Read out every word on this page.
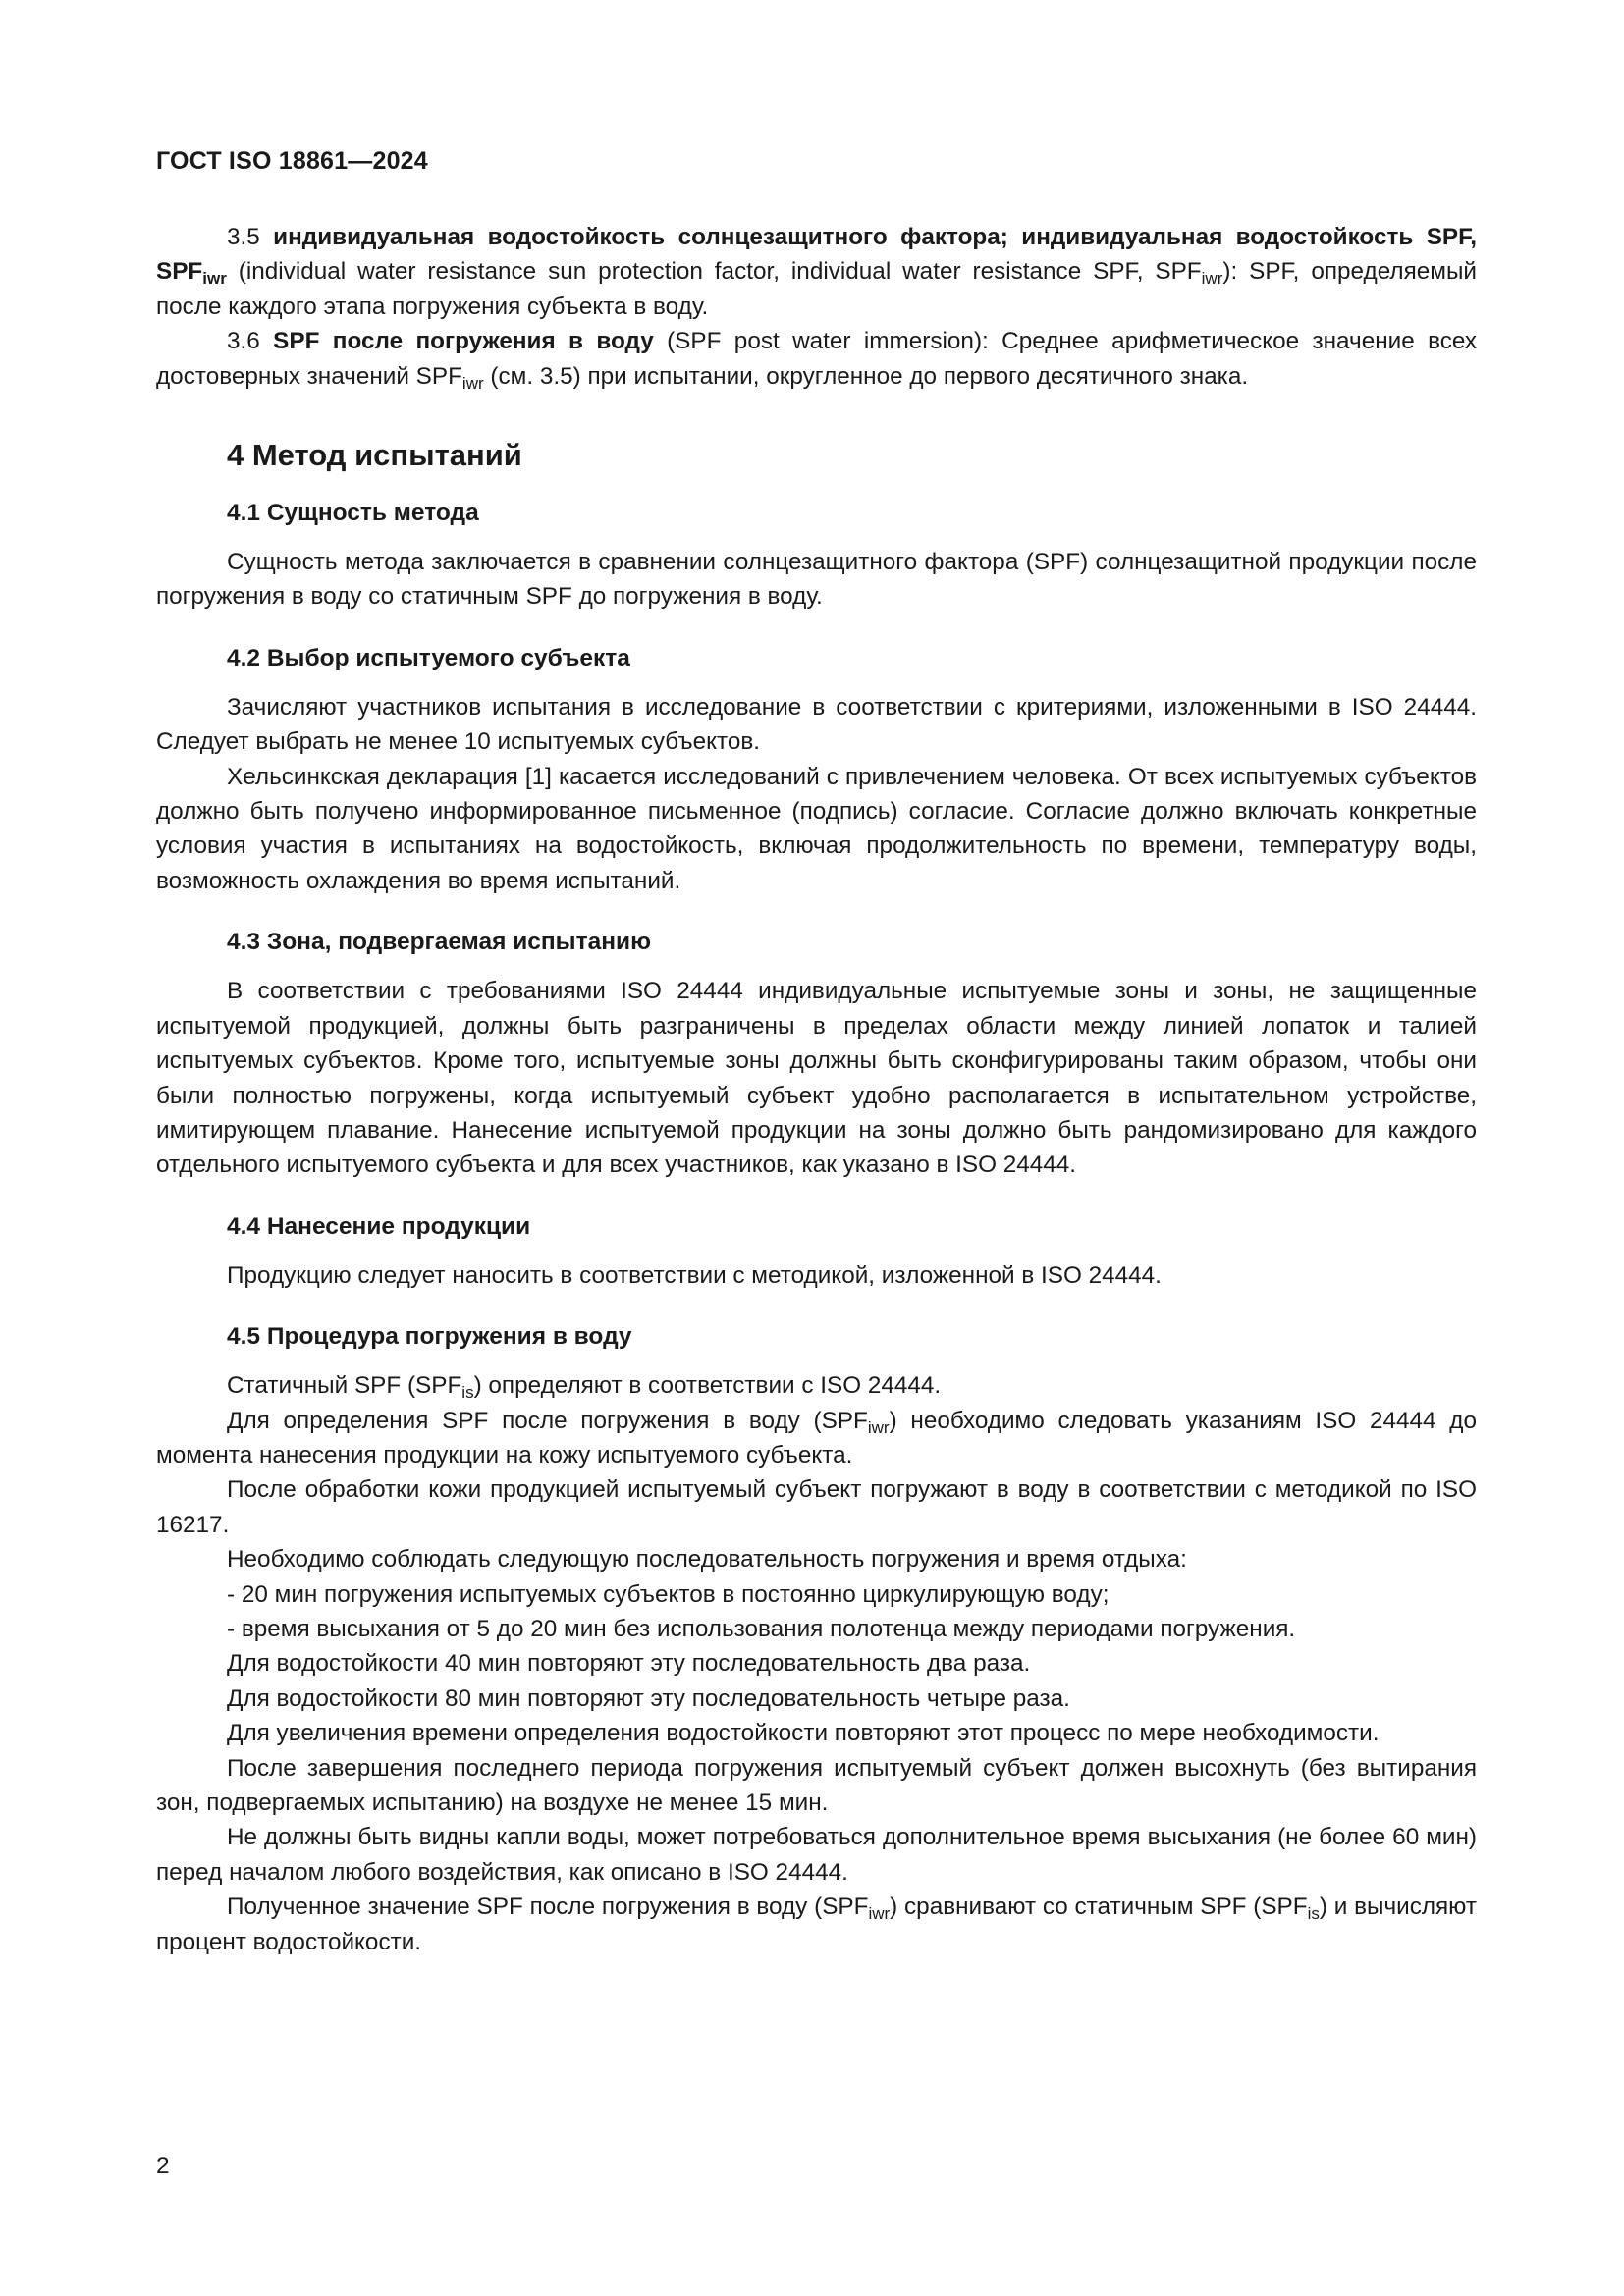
ГОСТ ISO 18861—2024

3.5 индивидуальная водостойкость солнцезащитного фактора; индивидуальная водостойкость SPF, $SPF_{iwr}$ (individual water resistance sun protection factor, individual water resistance SPF, $SPF_{iwr}$): SPF, определяемый после каждого этапа погружения субъекта в воду.

3.6 SPF после погружения в воду (SPF post water immersion): Среднее арифметическое значение всех достоверных значений $SPF_{iwr}$ (см. 3.5) при испытании, округленное до первого десятичного знака.

4 Метод испытаний
4.1 Сущность метода

Сущность метода заключается в сравнении солнцезащитного фактора (SPF) солнцезащитной продукции после погружения в воду со статичным SPF до погружения в воду.

4.2 Выбор испытуемого субъекта

Зачисляют участников испытания в исследование в соответствии с критериями, изложенными в ISO 24444. Следует выбрать не менее 10 испытуемых субъектов.

Хельсинкская декларация [1] касается исследований с привлечением человека. От всех испытуемых субъектов должно быть получено информированное письменное (подпись) согласие. Согласие должно включать конкретные условия участия в испытаниях на водостойкость, включая продолжительность по времени, температуру воды, возможность охлаждения во время испытаний.

4.3 Зона, подвергаемая испытанию

В соответствии с требованиями ISO 24444 индивидуальные испытуемые зоны и зоны, не защищенные испытуемой продукцией, должны быть разграничены в пределах области между линией лопаток и талией испытуемых субъектов. Кроме того, испытуемые зоны должны быть сконфигурированы таким образом, чтобы они были полностью погружены, когда испытуемый субъект удобно располагается в испытательном устройстве, имитирующем плавание. Нанесение испытуемой продукции на зоны должно быть рандомизировано для каждого отдельного испытуемого субъекта и для всех участников, как указано в ISO 24444.

4.4 Нанесение продукции

Продукцию следует наносить в соответствии с методикой, изложенной в ISO 24444.

4.5 Процедура погружения в воду

Статичный SPF $(SPF_{is})$ определяют в соответствии с ISO 24444.

Для определения SPF после погружения в воду $(SPF_{iwr})$ необходимо следовать указаниям ISO 24444 до момента нанесения продукции на кожу испытуемого субъекта.

После обработки кожи продукцией испытуемый субъект погружают в воду в соответствии с методикой по ISO 16217.

Необходимо соблюдать следующую последовательность погружения и время отдыха:

- 20 мин погружения испытуемых субъектов в постоянно циркулирующую воду;

- время высыхания от 5 до 20 мин без использования полотенца между периодами погружения.

Для водостойкости 40 мин повторяют эту последовательность два раза.

Для водостойкости 80 мин повторяют эту последовательность четыре раза.

Для увеличения времени определения водостойкости повторяют этот процесс по мере необходимости.

После завершения последнего периода погружения испытуемый субъект должен высохнуть (без вытирания зон, подвергаемых испытанию) на воздухе не менее 15 мин.

Не должны быть видны капли воды, может потребоваться дополнительное время высыхания (не более 60 мин) перед началом любого воздействия, как описано в ISO 24444.

Полученное значение SPF после погружения в воду $(SPF_{iwr})$ сравнивают со статичным SPF $(SPF_{is})$ и вычисляют процент водостойкости.

2
